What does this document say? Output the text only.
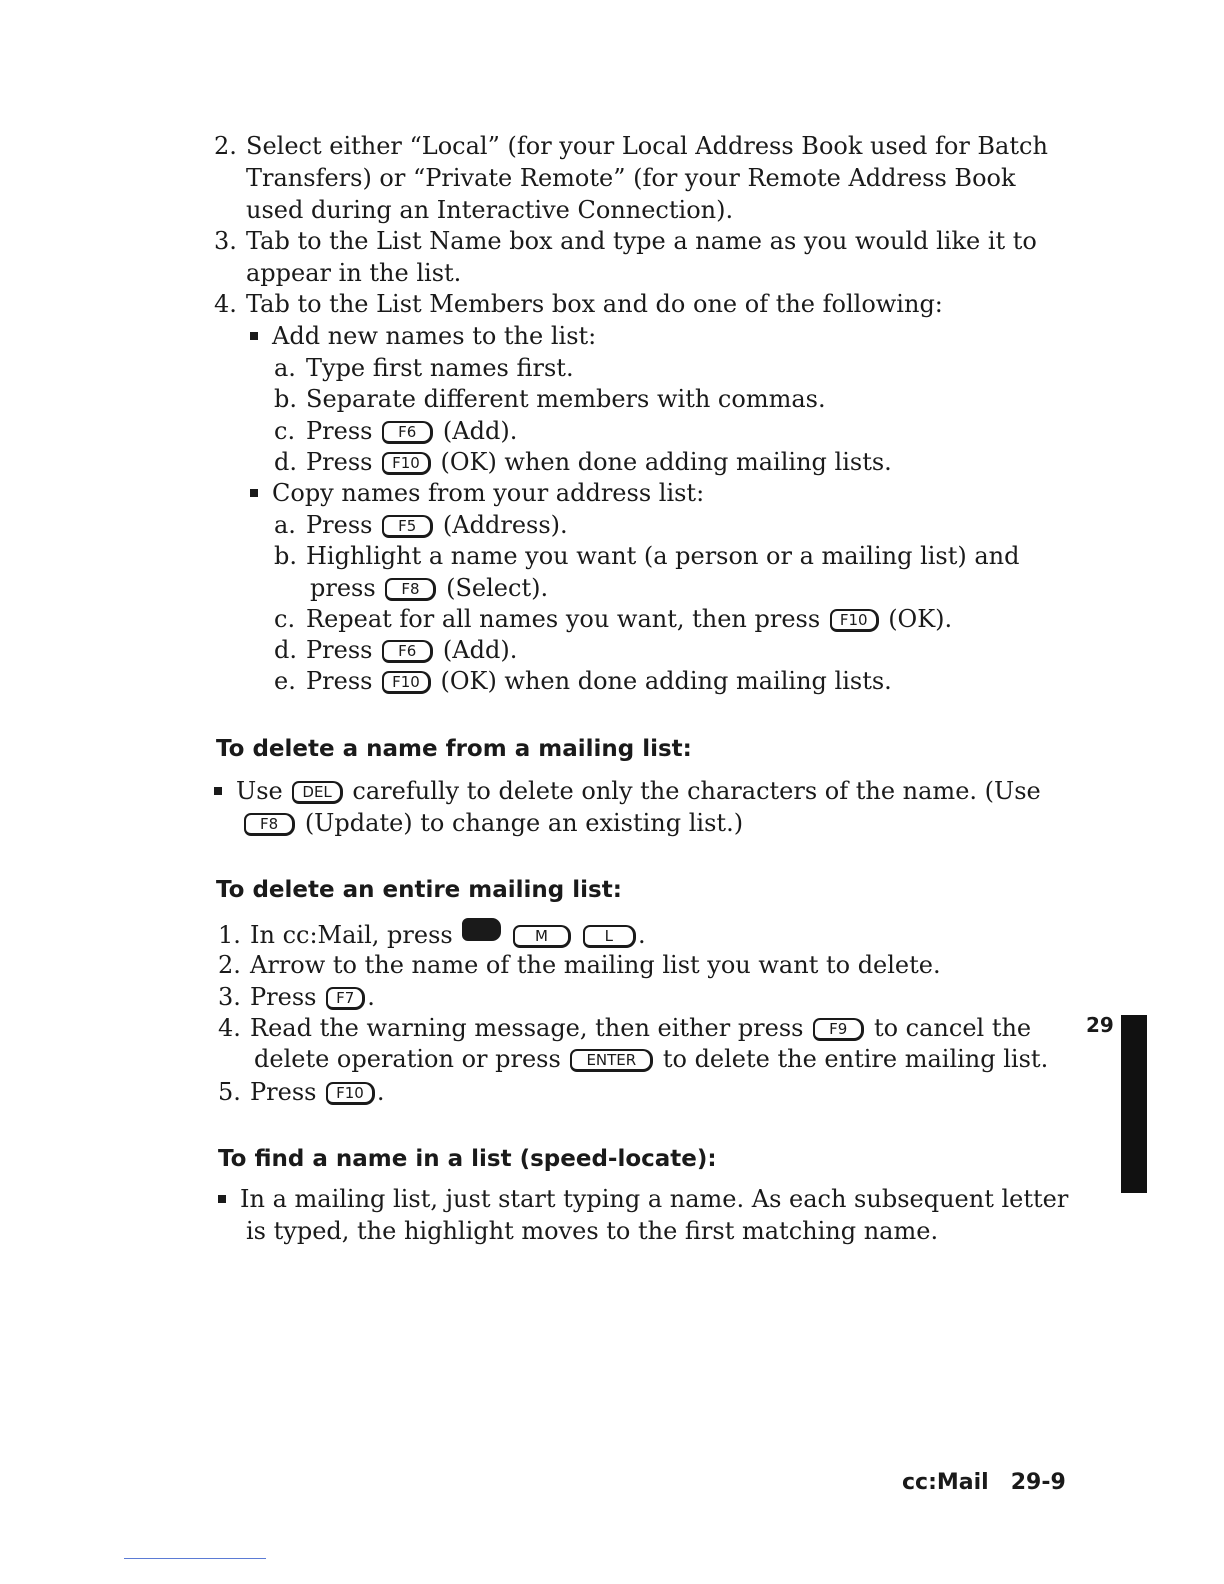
2. Select either “Local” (for your Local Address Book used for Batch
Transfers) or “Private Remote” (for your Remote Address Book
used during an Interactive Connection).
3. Tab to the List Name box and type a name as you would like it to
appear in the list.
4. Tab to the List Members box and do one of the following:
Add new names to the list:
a. Type first names first.
b. Separate different members with commas.
c. Press F6 (Add).
d. Press F10 (OK) when done adding mailing lists.
Copy names from your address list:
a. Press F5 (Address).
b. Highlight a name you want (a person or a mailing list) and
press F8 (Select).
c. Repeat for all names you want, then press F10 (OK).
d. Press F6 (Add).
e. Press F10 (OK) when done adding mailing lists.
To delete a name from a mailing list:
Use DEL carefully to delete only the characters of the name. (Use
F8 (Update) to change an existing list.)
To delete an entire mailing list:
1. In cc:Mail, press	M	L .
2. Arrow to the name of the mailing list you want to delete.
3. Press F7 .
4. Read the warning message, then either press F9 to cancel the
delete operation or press ENTER to delete the entire mailing list.
5. Press F10 .
To find a name in a list (speed-locate):
In a mailing list, just start typing a name. As each subsequent letter
is typed, the highlight moves to the first matching name.
29
cc:Mail 29-9
